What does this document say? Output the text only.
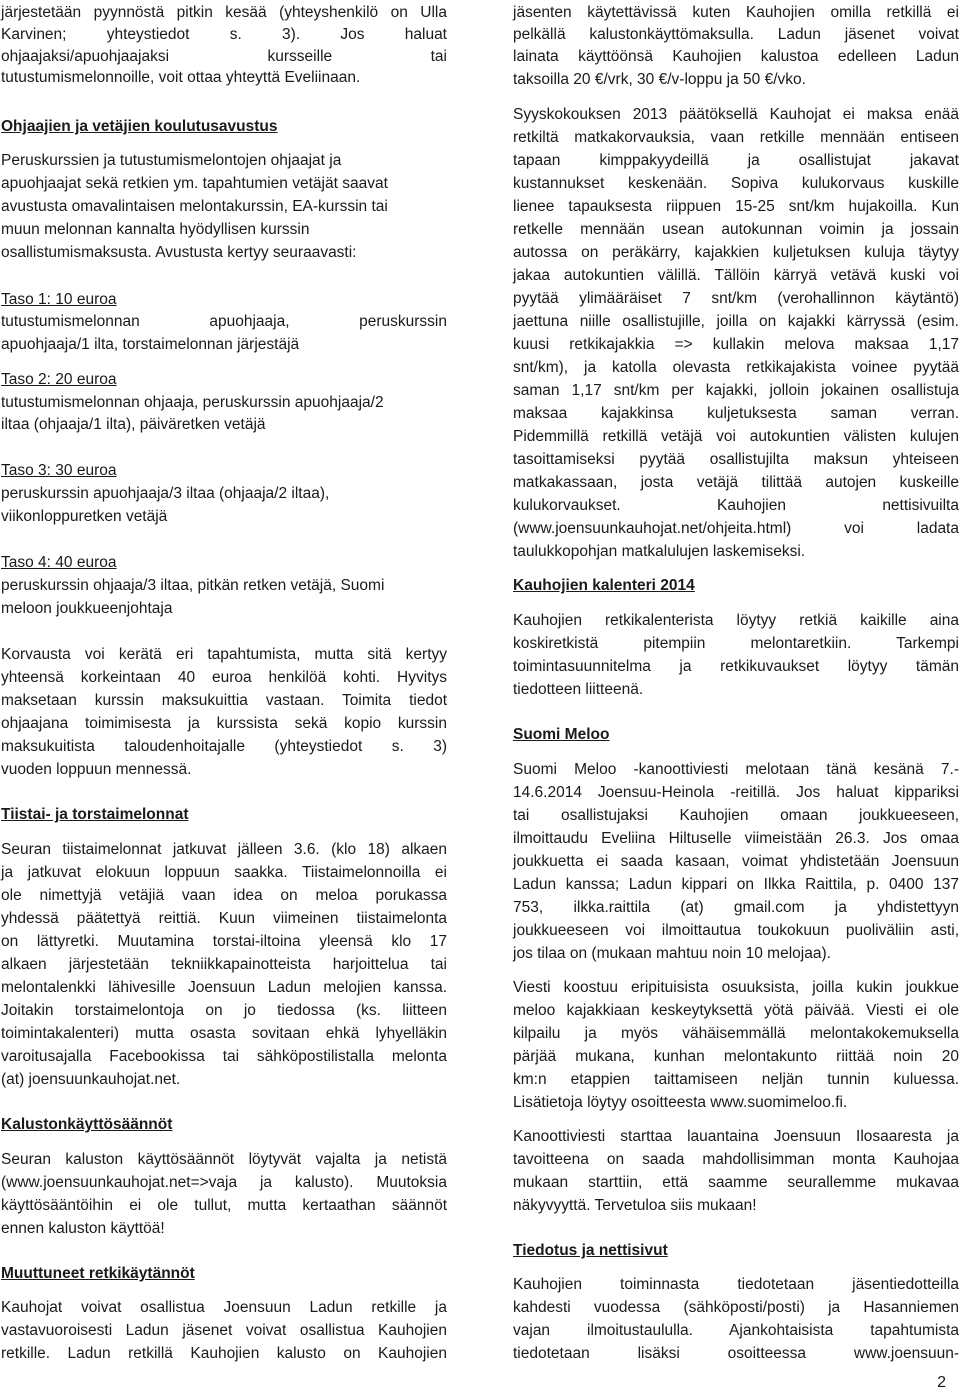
järjestetään pyynnöstä pitkin kesää (yhteyshenkilö on Ulla
Karvinen; yhteystiedot s. 3). Jos haluat
ohjaajaksi/apuohjaajaksi kursseille tai
tutustumismelonnoille, voit ottaa yhteyttä Eveliinaan.
Ohjaajien ja vetäjien koulutusavustus
Peruskurssien ja tutustumismelontojen ohjaajat ja
apuohjaajat sekä retkien ym. tapahtumien vetäjät saavat
avustusta omavalintaisen melontakurssin, EA-kurssin tai
muun melonnan kannalta hyödyllisen kurssin
osallistumismaksusta. Avustusta kertyy seuraavasti:
Taso 1: 10 euroa
tutustumismelonnan apuohjaaja, peruskurssin
apuohjaaja/1 ilta, torstaimelonnan järjestäjä
Taso 2: 20 euroa
tutustumismelonnan ohjaaja, peruskurssin apuohjaaja/2
iltaa (ohjaaja/1 ilta), päiväretken vetäjä
Taso 3: 30 euroa
peruskurssin apuohjaaja/3 iltaa (ohjaaja/2 iltaa),
viikonloppuretken vetäjä
Taso 4: 40 euroa
peruskurssin ohjaaja/3 iltaa, pitkän retken vetäjä, Suomi
meloon joukkueenjohtaja
Korvausta voi kerätä eri tapahtumista, mutta sitä kertyy
yhteensä korkeintaan 40 euroa henkilöä kohti. Hyvitys
maksetaan kurssin maksukuittia vastaan. Toimita tiedot
ohjaajana toimimisesta ja kurssista sekä kopio kurssin
maksukuitista taloudenhoitajalle (yhteystiedot s. 3)
vuoden loppuun mennessä.
Tiistai- ja torstaimelonnat
Seuran tiistaimelonnat jatkuvat jälleen 3.6. (klo 18) alkaen
ja jatkuvat elokuun loppuun saakka. Tiistaimelonnoilla ei
ole nimettyjä vetäjiä vaan idea on meloa porukassa
yhdessä päätettyä reittiä. Kuun viimeinen tiistaimelonta
on lättyretki. Muutamina torstai-iltoina yleensä klo 17
alkaen järjestetään tekniikkapainotteista harjoittelua tai
melontalenkki lähivesille Joensuun Ladun melojien kanssa.
Joitakin torstaimelontoja on jo tiedossa (ks. liitteen
toimintakalenteri) mutta osasta sovitaan ehkä lyhyelläkin
varoitusajalla Facebookissa tai sähköpostilistalla melonta
(at) joensuunkauhojat.net.
Kalustonkäyttösäännöt
Seuran kaluston käyttösäännöt löytyvät vajalta ja netistä
(www.joensuunkauhojat.net=>vaja ja kalusto). Muutoksia
käyttösääntöihin ei ole tullut, mutta kertaathan säännöt
ennen kaluston käyttöä!
Muuttuneet retkikäytännöt
Kauhojat voivat osallistua Joensuun Ladun retkille ja
vastavuoroisesti Ladun jäsenet voivat osallistua Kauhojien
retkille. Ladun retkillä Kauhojien kalusto on Kauhojien
jäsenten käytettävissä kuten Kauhojien omilla retkillä ei
pelkällä kalustonkäyttömaksulla. Ladun jäsenet voivat
lainata käyttöönsä Kauhojien kalustoa edelleen Ladun
taksoilla 20 €/vrk, 30 €/v-loppu ja 50 €/vko.
Syyskokouksen 2013 päätöksellä Kauhojat ei maksa enää
retkiltä matkakorvauksia, vaan retkille mennään entiseen
tapaan kimppakyydeillä ja osallistujat jakavat
kustannukset keskenään. Sopiva kulukorvaus kuskille
lienee tapauksesta riippuen 15-25 snt/km hujakoilla. Kun
retkelle mennään usean autokunnan voimin ja jossain
autossa on peräkärry, kajakkien kuljetuksen kuluja täytyy
jakaa autokuntien välillä. Tällöin kärryä vetävä kuski voi
pyytää ylimääräiset 7 snt/km (verohallinnon käytäntö)
jaettuna niille osallistujille, joilla on kajakki kärryssä (esim.
kuusi retkikajakkia => kullakin melova maksaa 1,17
snt/km), ja katolla olevasta retkikajakista voinee pyytää
saman 1,17 snt/km per kajakki, jolloin jokainen osallistuja
maksaa kajakkinsa kuljetuksesta saman verran.
Pidemmillä retkillä vetäjä voi autokuntien välisten kulujen
tasoittamiseksi pyytää osallistujilta maksun yhteiseen
matkakassaan, josta vetäjä tilittää autojen kuskeille
kulukorvaukset. Kauhojien nettisivuilta
(www.joensuunkauhojat.net/ohjeita.html) voi ladata
taulukkopohjan matkalulujen laskemiseksi.
Kauhojien kalenteri 2014
Kauhojien retkikalenterista löytyy retkiä kaikille aina
koskiretkistä pitempiin melontaretkiin. Tarkempi
toimintasuunnitelma ja retkikuvaukset löytyy tämän
tiedotteen liitteenä.
Suomi Meloo
Suomi Meloo -kanoottiviesti melotaan tänä kesänä 7.-
14.6.2014 Joensuu-Heinola -reitillä. Jos haluat kippariksi
tai osallistujaksi Kauhojien omaan joukkueeseen,
ilmoittaudu Eveliina Hiltuselle viimeistään 26.3. Jos omaa
joukkuetta ei saada kasaan, voimat yhdistetään Joensuun
Ladun kanssa; Ladun kippari on Ilkka Raittila, p. 0400 137
753, ilkka.raittila (at) gmail.com ja yhdistettyyn
joukkueeseen voi ilmoittautua toukokuun puoliväliin asti,
jos tilaa on (mukaan mahtuu noin 10 melojaa).
Viesti koostuu eripituisista osuuksista, joilla kukin joukkue
meloo kajakkiaan keskeytyksettä yötä päivää. Viesti ei ole
kilpailu ja myös vähäisemmällä melontakokemuksella
pärjää mukana, kunhan melontakunto riittää noin 20
km:n etappien taittamiseen neljän tunnin kuluessa.
Lisätietoja löytyy osoitteesta www.suomimeloo.fi.
Kanoottiviesti starttaa lauantaina Joensuun Ilosaaresta ja
tavoitteena on saada mahdollisimman monta Kauhojaa
mukaan starttiin, että saamme seurallemme mukavaa
näkyvyyttä. Tervetuloa siis mukaan!
Tiedotus ja nettisivut
Kauhojien toiminnasta tiedotetaan jäsentiedotteilla
kahdesti vuodessa (sähköposti/posti) ja Hasanniemen
vajan ilmoitustaululla. Ajankohtaisista tapahtumista
tiedotetaan lisäksi osoitteessa www.joensuun-
2
